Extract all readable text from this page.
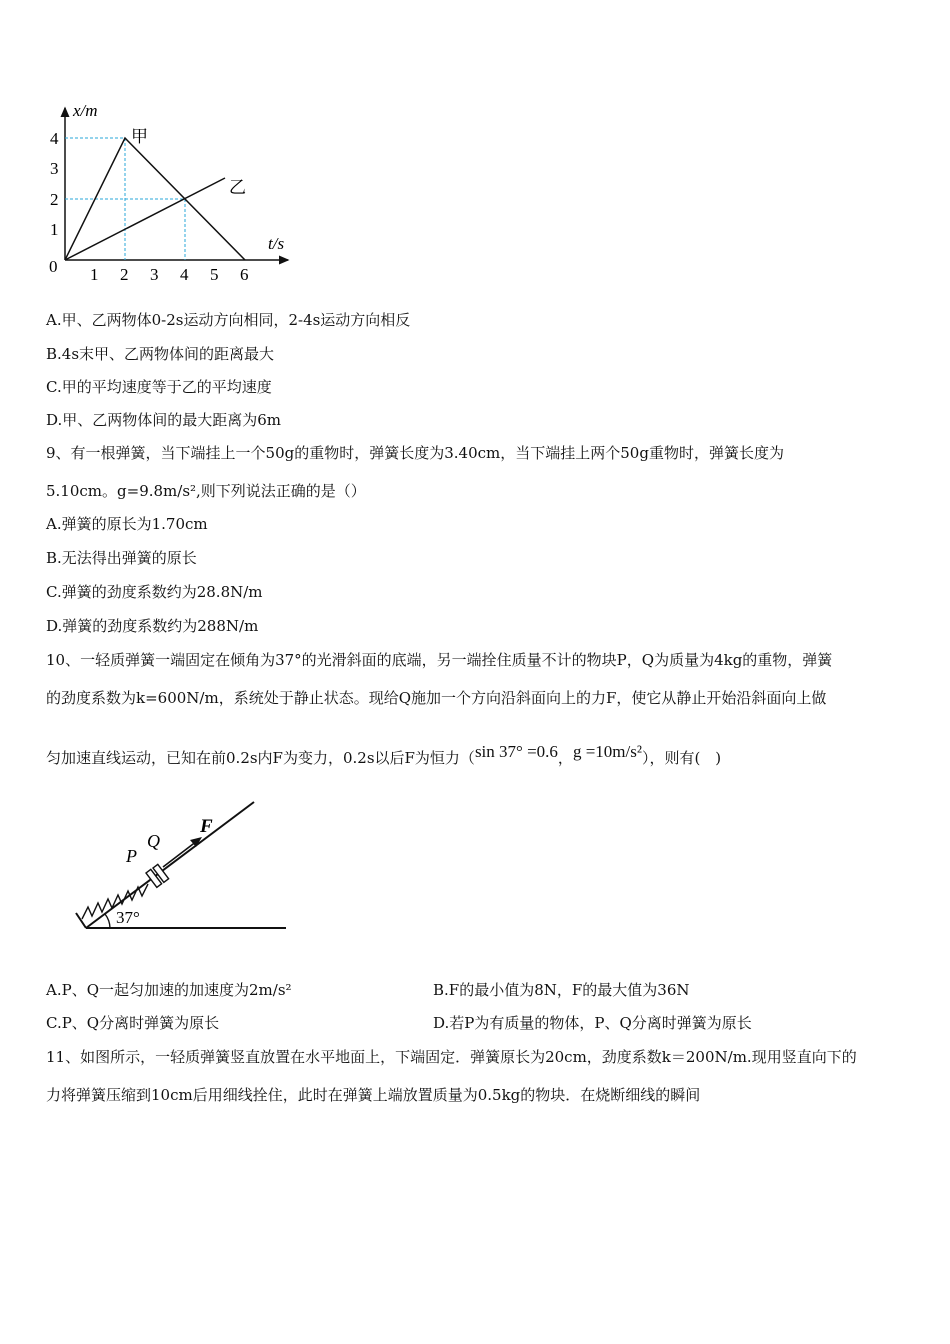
x/m
t/s
0
1
2
3
4
1 2 3 4 5 6
甲
乙
A.甲、乙两物体0-2s运动方向相同，2-4s运动方向相反
B.4s末甲、乙两物体间的距离最大
C.甲的平均速度等于乙的平均速度
D.甲、乙两物体间的最大距离为6m
9、有一根弹簧，当下端挂上一个50g的重物时，弹簧长度为3.40cm，当下端挂上两个50g重物时，弹簧长度为
5.10cm。g=9.8m/s²,则下列说法正确的是（）
A.弹簧的原长为1.70cm
B.无法得出弹簧的原长
C.弹簧的劲度系数约为28.8N/m
D.弹簧的劲度系数约为288N/m
10、一轻质弹簧一端固定在倾角为37°的光滑斜面的底端，另一端拴住质量不计的物块P，Q为质量为4kg的重物，弹簧
的劲度系数为k=600N/m，系统处于静止状态。现给Q施加一个方向沿斜面向上的力F，使它从静止开始沿斜面向上做
匀加速直线运动，已知在前0.2s内F为变力，0.2s以后F为恒力（sin 37° =0.6，g =10m/s²），则有(　)
37°
P
Q
F
A.P、Q一起匀加速的加速度为2m/s²	B.F的最小值为8N，F的最大值为36N
C.P、Q分离时弹簧为原长	D.若P为有质量的物体，P、Q分离时弹簧为原长
11、如图所示，一轻质弹簧竖直放置在水平地面上，下端固定．弹簧原长为20cm，劲度系数k＝200N/m.现用竖直向下的
力将弹簧压缩到10cm后用细线拴住，此时在弹簧上端放置质量为0.5kg的物块．在烧断细线的瞬间
